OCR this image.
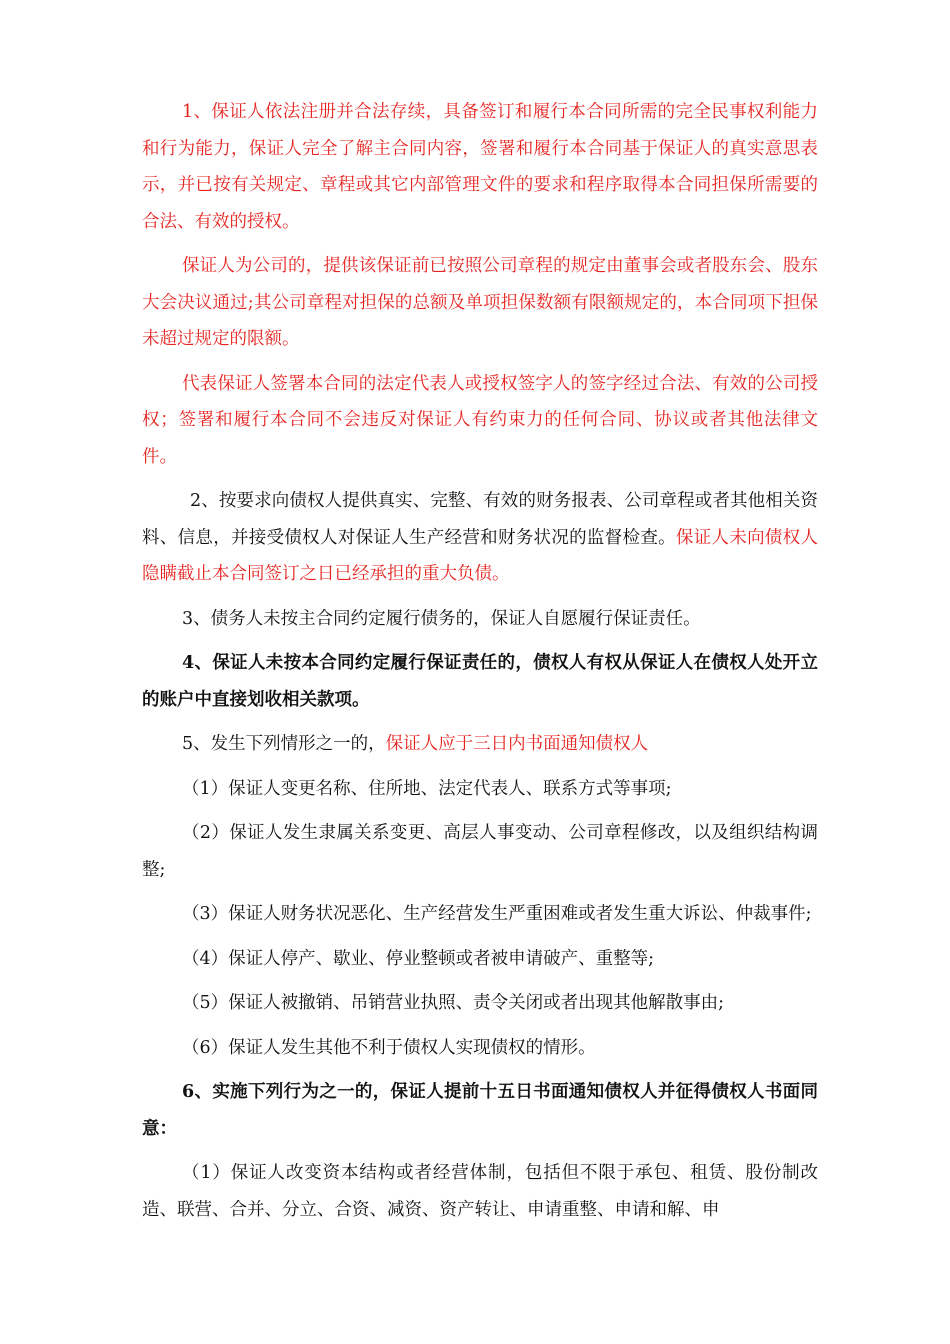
1、保证人依法注册并合法存续，具备签订和履行本合同所需的完全民事权利能力和行为能力，保证人完全了解主合同内容，签署和履行本合同基于保证人的真实意思表示，并已按有关规定、章程或其它内部管理文件的要求和程序取得本合同担保所需要的合法、有效的授权。

保证人为公司的，提供该保证前已按照公司章程的规定由董事会或者股东会、股东大会决议通过;其公司章程对担保的总额及单项担保数额有限额规定的，本合同项下担保未超过规定的限额。

代表保证人签署本合同的法定代表人或授权签字人的签字经过合法、有效的公司授权；签署和履行本合同不会违反对保证人有约束力的任何合同、协议或者其他法律文件。

2、按要求向债权人提供真实、完整、有效的财务报表、公司章程或者其他相关资料、信息，并接受债权人对保证人生产经营和财务状况的监督检查。保证人未向债权人隐瞒截止本合同签订之日已经承担的重大负债。

3、债务人未按主合同约定履行债务的，保证人自愿履行保证责任。

4、保证人未按本合同约定履行保证责任的，债权人有权从保证人在债权人处开立的账户中直接划收相关款项。

5、发生下列情形之一的，保证人应于三日内书面通知债权人

（1）保证人变更名称、住所地、法定代表人、联系方式等事项;

（2）保证人发生隶属关系变更、高层人事变动、公司章程修改，以及组织结构调整;

（3）保证人财务状况恶化、生产经营发生严重困难或者发生重大诉讼、仲裁事件;

（4）保证人停产、歇业、停业整顿或者被申请破产、重整等;

（5）保证人被撤销、吊销营业执照、责令关闭或者出现其他解散事由;

（6）保证人发生其他不利于债权人实现债权的情形。

6、实施下列行为之一的，保证人提前十五日书面通知债权人并征得债权人书面同意：

（1）保证人改变资本结构或者经营体制，包括但不限于承包、租赁、股份制改造、联营、合并、分立、合资、减资、资产转让、申请重整、申请和解、申
